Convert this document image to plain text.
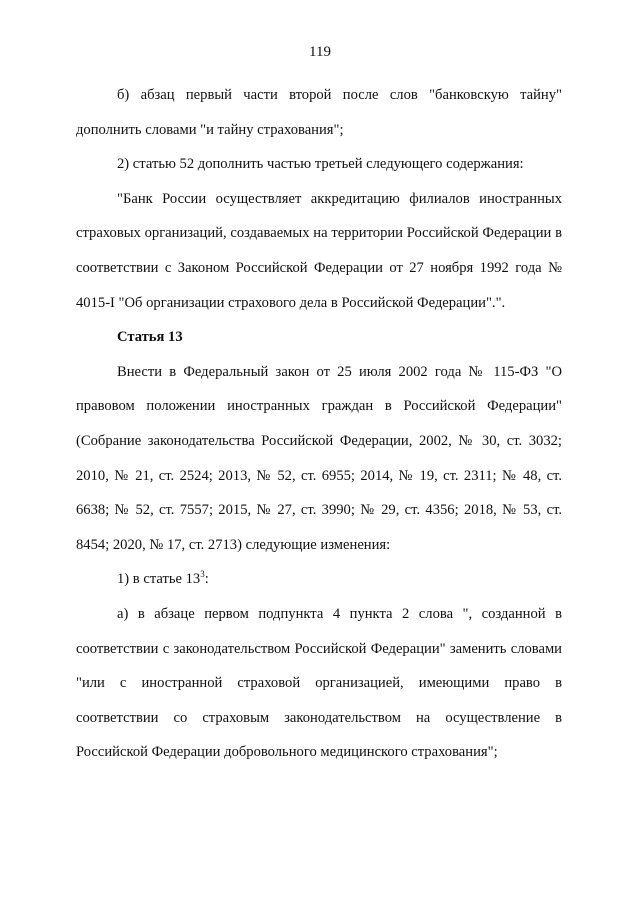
119

б) абзац первый части второй после слов "банковскую тайну" дополнить словами "и тайну страхования";

2) статью 52 дополнить частью третьей следующего содержания:

"Банк России осуществляет аккредитацию филиалов иностранных страховых организаций, создаваемых на территории Российской Федерации в соответствии с Законом Российской Федерации от 27 ноября 1992 года № 4015-I "Об организации страхового дела в Российской Федерации".".

Статья 13

Внести в Федеральный закон от 25 июля 2002 года № 115-ФЗ "О правовом положении иностранных граждан в Российской Федерации" (Собрание законодательства Российской Федерации, 2002, № 30, ст. 3032; 2010, № 21, ст. 2524; 2013, № 52, ст. 6955; 2014, № 19, ст. 2311; № 48, ст. 6638; № 52, ст. 7557; 2015, № 27, ст. 3990; № 29, ст. 4356; 2018, № 53, ст. 8454; 2020, № 17, ст. 2713) следующие изменения:

1) в статье $13^3$:

а) в абзаце первом подпункта 4 пункта 2 слова ", созданной в соответствии с законодательством Российской Федерации" заменить словами "или с иностранной страховой организацией, имеющими право в соответствии со страховым законодательством на осуществление в Российской Федерации добровольного медицинского страхования";
